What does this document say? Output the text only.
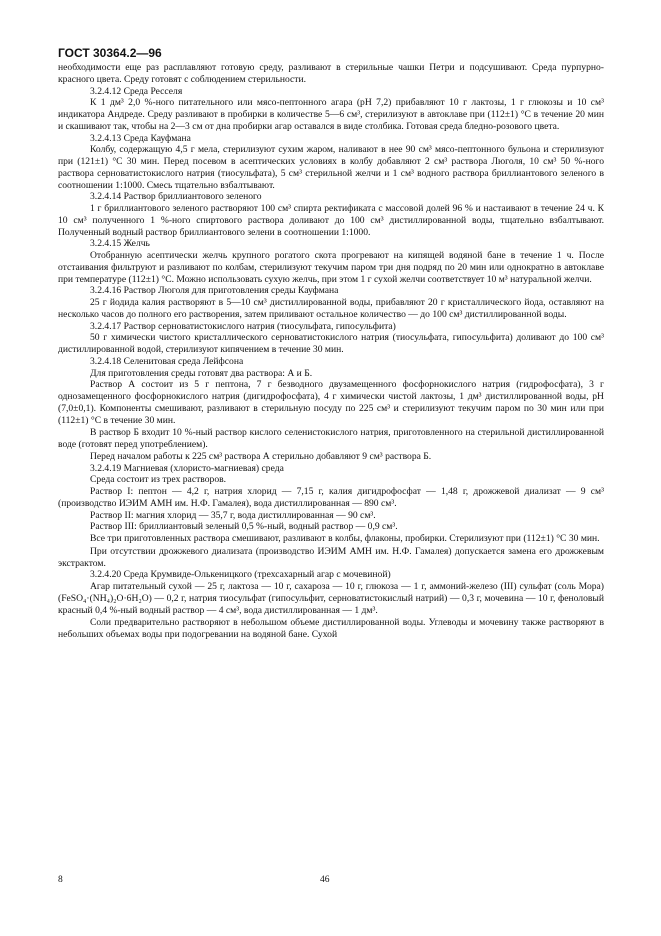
ГОСТ 30364.2—96

необходимости еще раз расплавляют готовую среду, разливают в стерильные чашки Петри и подсушивают. Среда пурпурно-красного цвета. Среду готовят с соблюдением стерильности.

3.2.4.12 Среда Ресселя

К 1 дм³ 2,0 %-ного питательного или мясо-пептонного агара (pH 7,2) прибавляют 10 г лактозы, 1 г глюкозы и 10 см³ индикатора Андреде. Среду разливают в пробирки в количестве 5—6 см³, стерилизуют в автоклаве при (112±1) °С в течение 20 мин и скашивают так, чтобы на 2—3 см от дна пробирки агар оставался в виде столбика. Готовая среда бледно-розового цвета.

3.2.4.13 Среда Кауфмана

Колбу, содержащую 4,5 г мела, стерилизуют сухим жаром, наливают в нее 90 см³ мясо-пептонного бульона и стерилизуют при (121±1) °С 30 мин. Перед посевом в асептических условиях в колбу добавляют 2 см³ раствора Люголя, 10 см³ 50 %-ного раствора серноватистокислого натрия (тиосульфата), 5 см³ стерильной желчи и 1 см³ водного раствора бриллиантового зеленого в соотношении 1:1000. Смесь тщательно взбалтывают.

3.2.4.14 Раствор бриллиантового зеленого

1 г бриллиантового зеленого растворяют 100 см³ спирта ректификата с массовой долей 96 % и настаивают в течение 24 ч. К 10 см³ полученного 1 %-ного спиртового раствора доливают до 100 см³ дистиллированной воды, тщательно взбалтывают. Полученный водный раствор бриллиантового зелени в соотношении 1:1000.

3.2.4.15 Желчь

Отобранную асептически желчь крупного рогатого скота прогревают на кипящей водяной бане в течение 1 ч. После отстаивания фильтруют и разливают по колбам, стерилизуют текучим паром три дня подряд по 20 мин или однократно в автоклаве при температуре (112±1) °С. Можно использовать сухую желчь, при этом 1 г сухой желчи соответствует 10 м³ натуральной желчи.

3.2.4.16 Раствор Люголя для приготовления среды Кауфмана

25 г йодида калия растворяют в 5—10 см³ дистиллированной воды, прибавляют 20 г кристаллического йода, оставляют на несколько часов до полного его растворения, затем приливают остальное количество — до 100 см³ дистиллированной воды.

3.2.4.17 Раствор серноватистокислого натрия (тиосульфата, гипосульфита)

50 г химически чистого кристаллического серноватистокислого натрия (тиосульфата, гипосульфита) доливают до 100 см³ дистиллированной водой, стерилизуют кипячением в течение 30 мин.

3.2.4.18 Селенитовая среда Лейфсона

Для приготовления среды готовят два раствора: А и Б.

Раствор А состоит из 5 г пептона, 7 г безводного двузамещенного фосфорнокислого натрия (гидрофосфата), 3 г однозамещенного фосфорнокислого натрия (дигидрофосфата), 4 г химически чистой лактозы, 1 дм³ дистиллированной воды, pH (7,0±0,1). Компоненты смешивают, разливают в стерильную посуду по 225 см³ и стерилизуют текучим паром по 30 мин или при (112±1) °С в течение 30 мин.

В раствор Б входит 10 %-ный раствор кислого селенистокислого натрия, приготовленного на стерильной дистиллированной воде (готовят перед употреблением).

Перед началом работы к 225 см³ раствора А стерильно добавляют 9 см³ раствора Б.

3.2.4.19 Магниевая (хлористо-магниевая) среда

Среда состоит из трех растворов.

Раствор I: пептон — 4,2 г, натрия хлорид — 7,15 г, калия дигидрофосфат — 1,48 г, дрожжевой диализат — 9 см³ (производство ИЭИМ АМН им. Н.Ф. Гамалея), вода дистиллированная — 890 см³.

Раствор II: магния хлорид — 35,7 г, вода дистиллированная — 90 см³.

Раствор III: бриллиантовый зеленый 0,5 %-ный, водный раствор — 0,9 см³.

Все три приготовленных раствора смешивают, разливают в колбы, флаконы, пробирки. Стерилизуют при (112±1) °С 30 мин.

При отсутствии дрожжевого диализата (производство ИЭИМ АМН им. Н.Ф. Гамалея) допускается замена его дрожжевым экстрактом.

3.2.4.20 Среда Крумвиде-Олькеницкого (трехсахарный агар с мочевиной)

Агар питательный сухой — 25 г, лактоза — 10 г, сахароза — 10 г, глюкоза — 1 г, аммоний-железо (III) сульфат (соль Мора) (FeSO₄·(NH₄)₂O·6H₂O) — 0,2 г, натрия тиосульфат (гипосульфит, серноватистокислый натрий) — 0,3 г, мочевина — 10 г, феноловый красный 0,4 %-ный водный раствор — 4 см³, вода дистиллированная — 1 дм³.

Соли предварительно растворяют в небольшом объеме дистиллированной воды. Углеводы и мочевину также растворяют в небольших объемах воды при подогревании на водяной бане. Сухой

8	46
